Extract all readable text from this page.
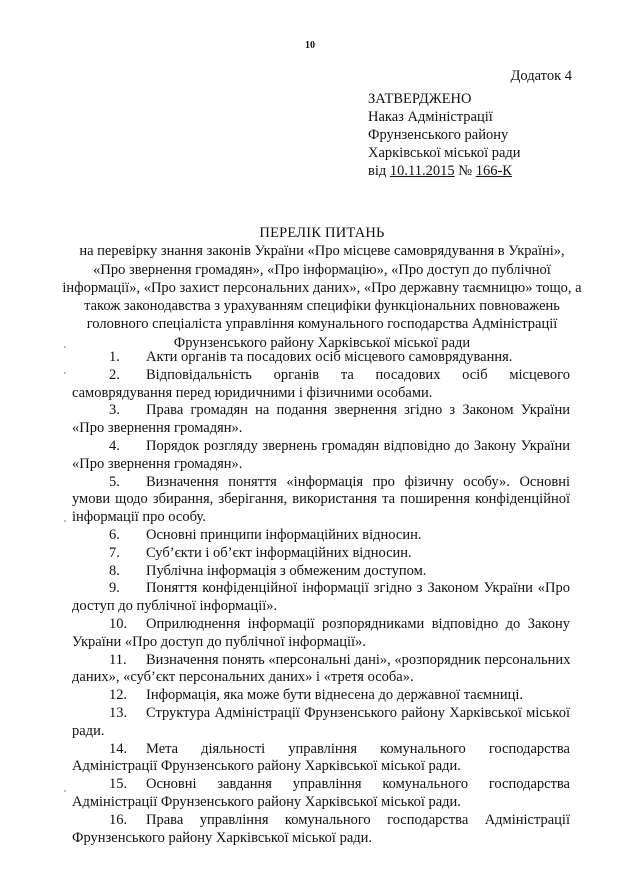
10
Додаток 4
ЗАТВЕРДЖЕНО
Наказ Адміністрації
Фрунзенського району
Харківської міської ради
від 10.11.2015 № 166-К
ПЕРЕЛІК ПИТАНЬ
на перевірку знання законів України «Про місцеве самоврядування в Україні»,
«Про звернення громадян», «Про інформацію», «Про доступ до публічної
інформації», «Про захист персональних даних», «Про державну таємницю» тощо, а
також законодавства з урахуванням специфіки функціональних повноважень
головного спеціаліста управління комунального господарства Адміністрації
Фрунзенського району Харківської міської ради
1.	Акти органів та посадових осіб місцевого самоврядування.
2.	Відповідальність органів та посадових осіб місцевого
самоврядування перед юридичними і фізичними особами.
3.	Права громадян на подання звернення згідно з Законом України
«Про звернення громадян».
4.	Порядок розгляду звернень громадян відповідно до Закону України
«Про звернення громадян».
5.	Визначення поняття «інформація про фізичну особу». Основні
умови щодо збирання, зберігання, використання та поширення конфіденційної
інформації про особу.
6.	Основні принципи інформаційних відносин.
7.	Суб’єкти і об’єкт інформаційних відносин.
8.	Публічна інформація з обмеженим доступом.
9.	Поняття конфіденційної інформації згідно з Законом України «Про
доступ до публічної інформації».
10.	Оприлюднення інформації розпорядниками відповідно до Закону
України «Про доступ до публічної інформації».
11.	Визначення понять «персональні дані», «розпорядник персональних
даних», «суб’єкт персональних даних» і «третя особа».
12.	Інформація, яка може бути віднесена до державної таємниці.
13.	Структура Адміністрації Фрунзенського району Харківської міської
ради.
14.	Мета діяльності управління комунального господарства
Адміністрації Фрунзенського району Харківської міської ради.
15.	Основні завдання управління комунального господарства
Адміністрації Фрунзенського району Харківської міської ради.
16.	Права управління комунального господарства Адміністрації
Фрунзенського району Харківської міської ради.
